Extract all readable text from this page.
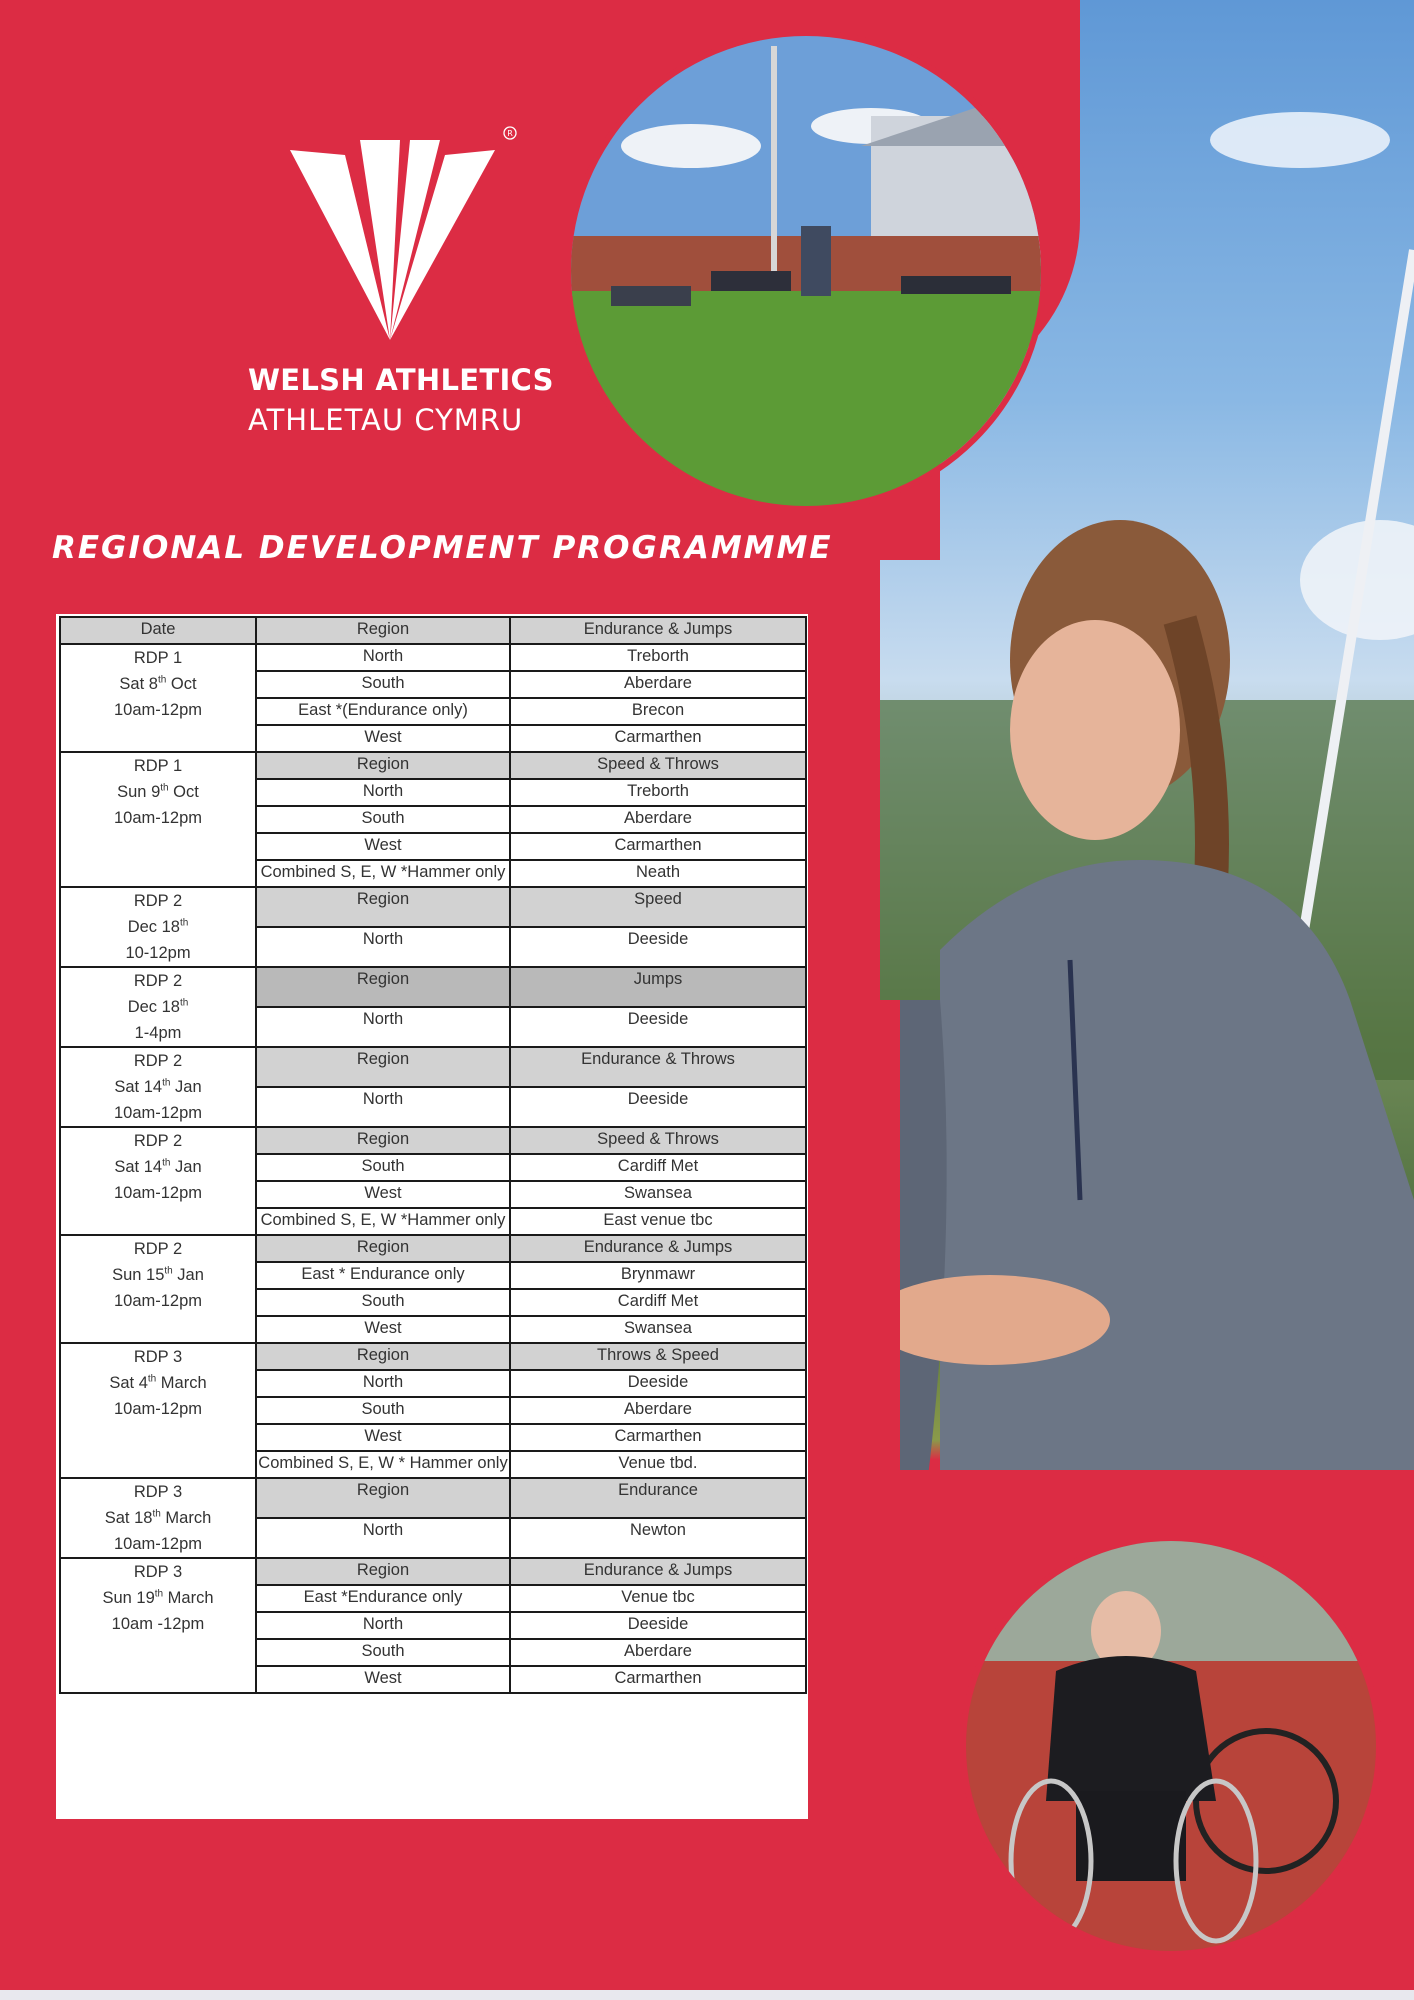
R
WELSH ATHLETICS
ATHLETAU CYMRU
REGIONAL DEVELOPMENT PROGRAMMME
Date	Region	Endurance & Jumps

RDP 1
Sat 8th Oct
10am-12pm	North	Treborth
	South	Aberdare
	East *(Endurance only)	Brecon
	West	Carmarthen

RDP 1
Sun 9th Oct
10am-12pm	Region	Speed & Throws
	North	Treborth
	South	Aberdare
	West	Carmarthen
	Combined S, E, W *Hammer only	Neath

RDP 2
Dec 18th
10-12pm	Region	Speed
	North	Deeside

RDP 2
Dec 18th
1-4pm	Region	Jumps
	North	Deeside

RDP 2
Sat 14th Jan
10am-12pm	Region	Endurance & Throws
	North	Deeside

RDP 2
Sat 14th Jan
10am-12pm	Region	Speed & Throws
	South	Cardiff Met
	West	Swansea
	Combined S, E, W *Hammer only	East venue tbc

RDP 2
Sun 15th Jan
10am-12pm	Region	Endurance & Jumps
	East * Endurance only	Brynmawr
	South	Cardiff Met
	West	Swansea

RDP 3
Sat 4th March
10am-12pm	Region	Throws & Speed
	North	Deeside
	South	Aberdare
	West	Carmarthen
	Combined S, E, W * Hammer only	Venue tbd.

RDP 3
Sat 18th March
10am-12pm	Region	Endurance
	North	Newton

RDP 3
Sun 19th March
10am -12pm	Region	Endurance & Jumps
	East *Endurance only	Venue tbc
	North	Deeside
	South	Aberdare
	West	Carmarthen
